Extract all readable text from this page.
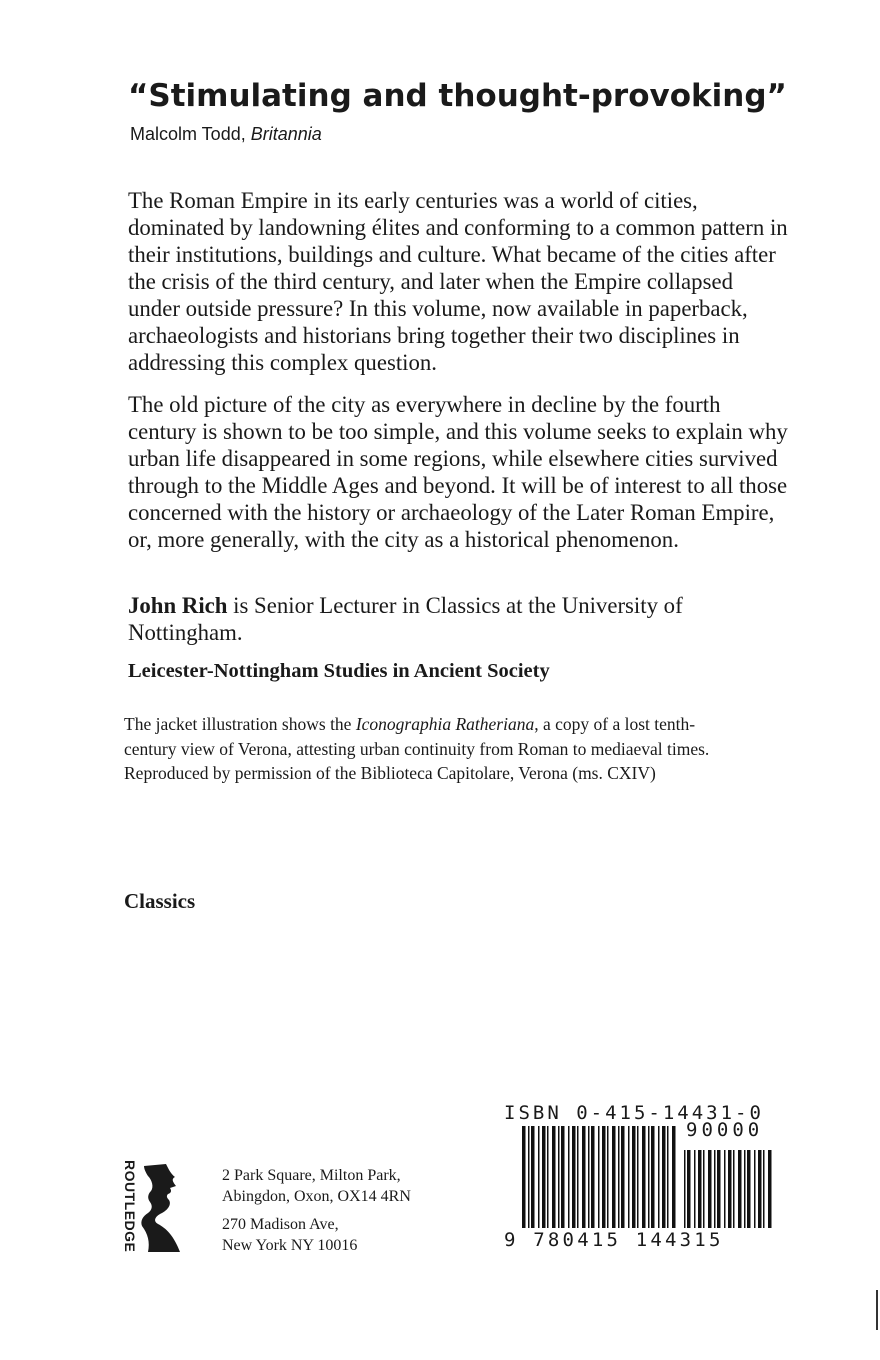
“Stimulating and thought-provoking”
Malcolm Todd, Britannia
The Roman Empire in its early centuries was a world of cities, dominated by landowning élites and conforming to a common pattern in their institutions, buildings and culture. What became of the cities after the crisis of the third century, and later when the Empire collapsed under outside pressure? In this volume, now available in paperback, archaeologists and historians bring together their two disciplines in addressing this complex question.
The old picture of the city as everywhere in decline by the fourth century is shown to be too simple, and this volume seeks to explain why urban life disappeared in some regions, while elsewhere cities survived through to the Middle Ages and beyond. It will be of interest to all those concerned with the history or archaeology of the Later Roman Empire, or, more generally, with the city as a historical phenomenon.
John Rich is Senior Lecturer in Classics at the University of Nottingham.
Leicester-Nottingham Studies in Ancient Society
The jacket illustration shows the Iconographia Ratheriana, a copy of a lost tenth-century view of Verona, attesting urban continuity from Roman to mediaeval times. Reproduced by permission of the Biblioteca Capitolare, Verona (ms. CXIV)
Classics
ROUTLEDGE	2 Park Square, Milton Park,
Abingdon, Oxon, OX14 4RN
270 Madison Ave,
New York NY 10016
ISBN 0-415-14431-0
90000
9 780415 144315
